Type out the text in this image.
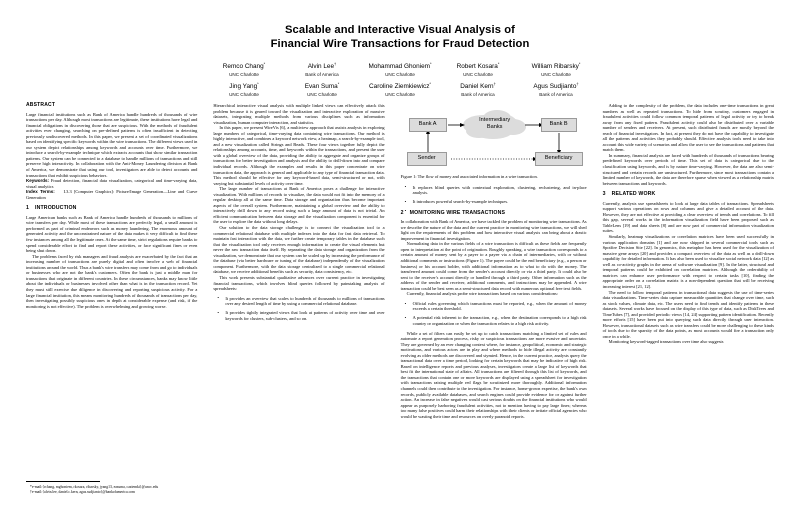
Scalable and Interactive Visual Analysis of
Financial Wire Transactions for Fraud Detection
Remco Chang*
UNC Charlotte
Jing Yang*
UNC Charlotte
Alvin Lee†
Bank of America
Evan Suma*
UNC Charlotte
Mohammad Ghoniem*
UNC Charlotte
Caroline Ziemkiewicz*
UNC Charlotte
Robert Kosara*
UNC Charlotte
Daniel Kern†
Bank of America
William Ribarsky*
UNC Charlotte
Agus Sudjianto†
Bank of America
ABSTRACT

Large financial institutions such as Bank of America handle hundreds of thousands of wire transactions per day. Although most transactions are legitimate, these institutions have legal and financial obligations in discovering those that are suspicious. With the methods of fraudulent activities ever changing, searching on pre-defined patterns is often insufficient in detecting previously undiscovered methods. In this paper, we present a set of coordinated visualizations based on identifying specific keywords within the wire transactions. The different views used in our system depict relationships among keywords and accounts over time. Furthermore, we introduce a search-by-example technique which extracts accounts that show similar transaction patterns. Our system can be connected to a database to handle millions of transactions and still preserve high interactivity. In collaboration with the Anti-Money Laundering division at Bank of America, we demonstrate that using our tool, investigators are able to detect accounts and transactions that exhibit suspicious behaviors.

Keywords: Fraud detection, financial data visualization, categorical and time-varying data, visual analytics

Index Terms: I.3.3 [Computer Graphics]: Picture/Image Generation—Line and Curve Generation

1 INTRODUCTION

Large American banks such as Bank of America handle hundreds of thousands to millions of wire transfers per day. While most of these transactions are perfectly legal, a small amount is performed as part of criminal endeavors such as money laundering. The enormous amount of generated activity and the unconstrained nature of the data makes it very difficult to find these few instances among all the legitimate ones. At the same time, strict regulations require banks to spend considerable effort to find and report these activities, or face significant fines or even being shut down.

The problems faced by risk managers and fraud analysts are exacerbated by the fact that an increasing number of transactions are purely digital and often involve a web of financial institutions around the world. Thus a bank's wire transfers may come from and go to individuals or businesses who are not the bank's customers. Often the bank is just a middle man for transactions that originate in different countries. In these circumstances, banks may know little about the individuals or businesses involved other than what is in the transaction record. Yet they must still exercise due diligence in discovering and reporting suspicious activity. For a large financial institution, this means monitoring hundreds of thousands of transactions per day, then investigating possibly suspicious ones in depth at considerable expense (and risk, if the monitoring is not effective). The problem is overwhelming and growing worse.

*e-mail:{rchang, mghoniem, rkosara, ribarsky, jyang13, easuma, caziemki}@uncc.edu
†e-mail:{alvin.lee, daniel.c.kern, agus.sudjianto}@bankofamerica.com

Hierarchical interactive visual analysis with multiple linked views can effectively attack this problem because it is geared toward the visualization and interactive exploration of massive datasets, integrating multiple methods from various disciplines such as information visualization, human computer interaction, and statistics.

In this paper, we present WireVis [6], a multiview approach that assists analysts in exploring large numbers of categorical, time-varying data containing wire transactions. Our method is highly interactive, and combines a keyword network view, a heatmap, a search-by-example tool, and a new visualization called Strings and Beads. These four views together fully depict the relationships among accounts, time, and keywords within the transactions, and present the user with a global overview of the data, providing the ability to aggregate and organize groups of transactions for better investigation and analysis and the ability to drill-down into and compare individual records. Although the examples and results in this paper concentrate on wire transaction data, the approach is general and applicable to any type of financial transaction data. This method should be effective for any keyword-based data, semi-structured or not, with varying but substantial levels of activity over time.

The large number of transactions at Bank of America poses a challenge for interactive visualization. With millions of records to visualize, the data would not fit into the memory of a regular desktop all at the same time. Data storage and organization thus become important aspects of the overall system. Furthermore, maintaining a global overview and the ability to interactively drill down to any record using such a large amount of data is not trivial. An efficient communication between data storage and the visualization component is essential for the user to explore the data without long delays.

Our solution to the data storage challenge is to connect the visualization tool to a commercial relational database with multiple indexes into the data for fast data retrieval. To maintain fast interaction with the data, we further create temporary tables in the database such that the visualization tool only receives enough information to create the visual elements but never the raw transaction data itself. By separating the data storage and organization from the visualization, we demonstrate that our system can be scaled up by increasing the performance of the database (via better hardware or tuning of the database) independently of the visualization component. Furthermore, with the data storage centralized to a single commercial relational database, we receive additional benefits such as security, data consistency, etc.

This work presents substantial qualitative advances over current practice in investigating financial transactions, which involves blind queries followed by painstaking analysis of spreadsheets:

• It provides an overview that scales to hundreds of thousands to millions of transactions over any desired length of time by using a commercial relational database.
• It provides tightly integrated views that look at patterns of activity over time and over keywords for clusters, sub-clusters, and so on.
Bank A	Bank B
Sender	Beneficiary
Intermediary
Banks
Figure 1: The flow of money and associated information in a wire transaction.
• It replaces blind queries with contextual exploration, clustering, reclustering, and in-place analysis.
• It introduces powerful search-by-example techniques.
2 MONITORING WIRE TRANSACTIONS

In collaboration with Bank of America, we have tackled the problem of monitoring wire transactions. As we describe the nature of the data and the current practice in monitoring wire transactions, we will shed light on the requirements of this problem and how interactive visual analysis can bring about a drastic improvement in financial investigation.

Normalizing data in the various fields of a wire transaction is difficult as these fields are frequently open to interpretation at the point of origination. Roughly speaking, a wire transaction corresponds to a certain amount of money sent by a payer to a payee via a chain of intermediaries, with or without additional comments or instructions (Figure 1). The payee could be the end beneficiary (e.g., a person or business) or his account holder, with additional information as to what to do with the money. The transferred amount could come from the sender's account directly or via a third party. It could also be sent to the receiver's account directly or handled through a third party. Other information such as the address of the sender and receiver, additional comments, and instructions may be appended. A wire transaction could be best seen as a semi-structured data record with numerous optional free text fields.

Currently, financial analysts probe wire transactions based on various considerations:

• Official rules governing which transactions must be reported, e.g., when the amount of money exceeds a certain threshold.
• A potential risk inherent to the transaction, e.g., when the destination corresponds to a high risk country or organization or when the transaction relates to a high risk activity.

While a set of filters can easily be set up to catch transactions matching a limited set of rules and automate a report generation process, risky or suspicious transactions are more evasive and uncertain. They are governed by an ever changing context where, for instance, geopolitical, economic and strategic motivations, and various actors are in play and where methods to hide illegal activity are constantly evolving as older methods are discovered and stymied. Hence, in the current practice, analysts query the transactional data over a time period, looking for certain keywords that may be indicative of high risk. Based on intelligence reports and previous analyses, investigators create a large list of keywords that best fit the international state of affairs. All transactions are filtered through this list of keywords, and the transactions that contain one or more keywords are displayed using a spreadsheet for investigation with transactions raising multiple red flags be scrutinized more thoroughly. Additional information channels could then contribute to the investigation. For instance, home-grown expertise, the bank's own records, publicly available databases, and search engines could provide evidence for or against further action. An increase in false negatives would cast serious doubts on the financial institutions who would appear as purposely harboring fraudulent activities, not to mention having to pay large fines; whereas too many false positives could harm their relationships with their clients or irritate official agencies who would be wasting their time and resources on overly paranoid reports.

Adding to the complexity of the problem, the data includes one-time transactions in great numbers as well as repeated transactions. To hide from scrutiny, customers engaged in fraudulent activities could follow common temporal patterns of legal activity or try to break away from any fixed pattern. Fraudulent activity could also be distributed over a variable number of senders and receivers. At present, such distributed frauds are mostly beyond the reach of financial investigators. In fact, at present they do not have the capability to investigate all the patterns and activities they probably should. Effective analysis tools need to take into account this wide variety of scenarios and allow the user to see the transactions and patterns that match them.

In summary, financial analysts are faced with hundreds of thousands of transactions bearing predefined keywords over periods of time. This set of data is categorical due to the classification using keywords, and is by nature time-varying. However, the data are also semi-structured and certain records are unstructured. Furthermore, since most transactions contain a limited number of keywords, the data are therefore sparse when viewed as a relationship matrix between transactions and keywords.

3 RELATED WORK

Currently, analysts use spreadsheets to look at large data tables of transactions. Spreadsheets support various operations on rows and columns and give a detailed account of the data. However, they are not effective at providing a clear overview of trends and correlations. To fill this gap, several works in the information visualization field have been proposed such as TableLens [19] and data sheets [8] and are now part of commercial information visualization suites.

Similarly, heatmap visualizations or correlation matrices have been used successfully in various application domains [1] and are now shipped in several commercial tools such as Spotfire Decision Site [22]. In genomics, this metaphor has been used for the visualization of massive gene arrays [20] and provides a compact overview of the data as well as a drill-down capability for detailed information. It has also been used to visualize social network data [12] as well as co-activity graphs in the arena of software visualization [9]. In the latter, structural and temporal patterns could be exhibited on correlation matrices. Although the orderability of matrices can enhance user performance with respect to certain tasks [10], finding the appropriate order on a correlation matrix is a non-dependent question that will be receiving increasing interest [21, 12].

The need to follow temporal patterns in transactional data suggests the use of time-series data visualizations. Time-series data capture measurable quantities that change over time, such as stock values, climate data, etc. The users need to find trends and identify patterns in these datasets. Several works have focused on the display of this type of data, such as DiskTrees and TimeTubes [7], and provided periodic views [14, 24] supporting pattern identification. Recently more efforts [15] have been put into querying such data directly through user interaction. However, transactional datasets such as wire transfers could be more challenging to these kinds of tools due to the sparsity of the data points, as most accounts would fire a transaction only once in a while.

Monitoring keyword-tagged transactions over time also suggests
